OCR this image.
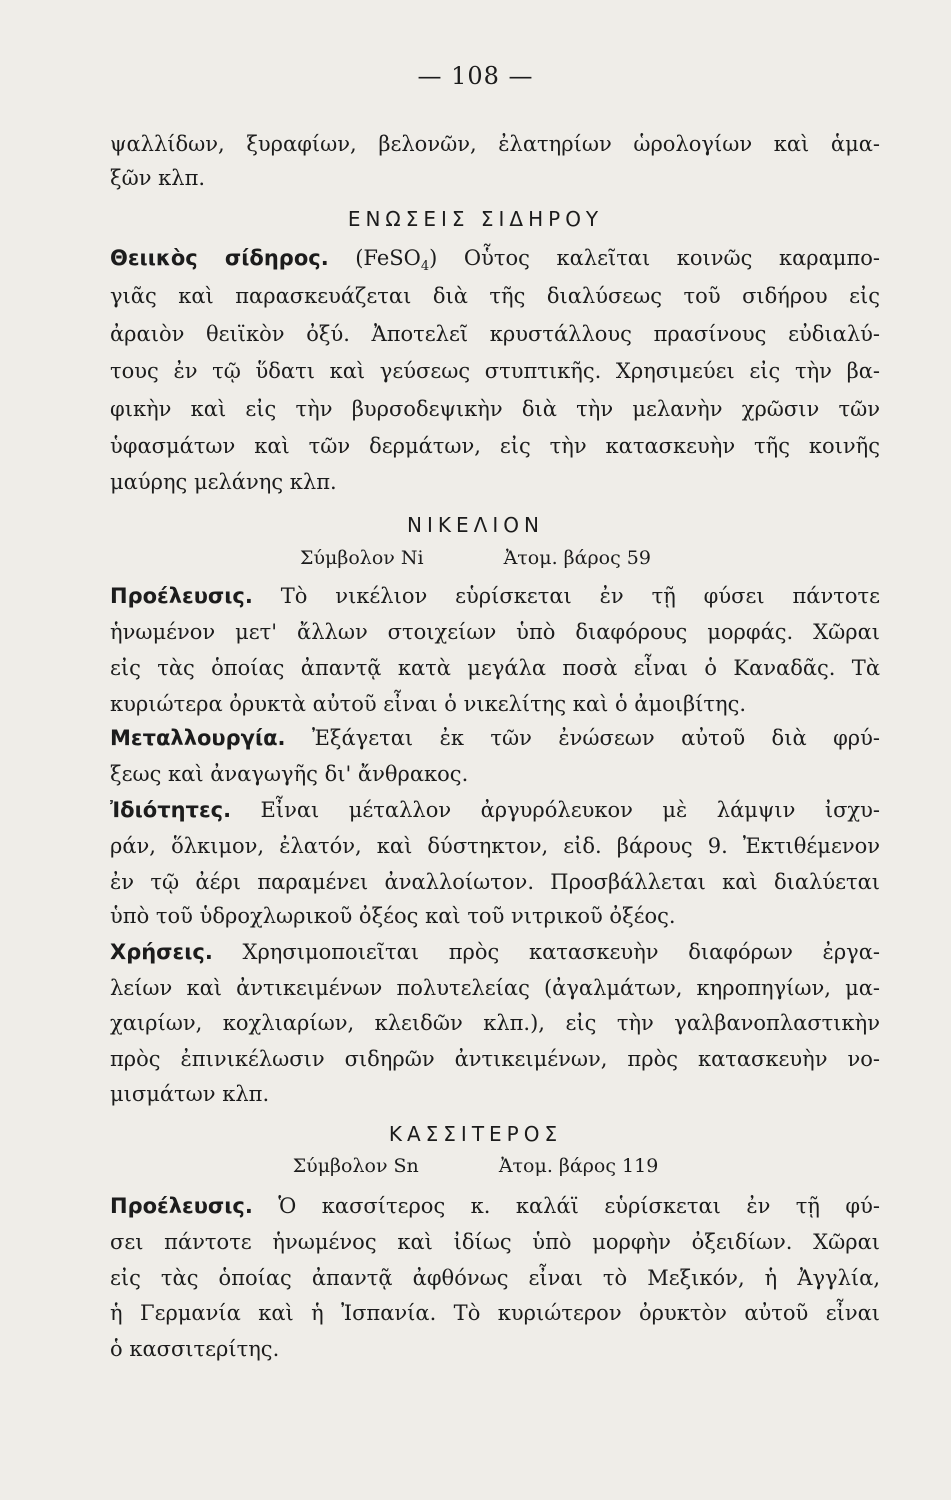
— 108 —
ψαλλίδων, ξυραφίων, βελονῶν, ἐλατηρίων ὡρολογίων καὶ ἁμα-
ξῶν κλπ.
ΕΝΩΣΕΙΣ ΣΙΔΗΡΟΥ
Θειικὸς σίδηρος. (FeSO$_4$) Οὗτος καλεῖται κοινῶς καραμπο-
γιᾶς καὶ παρασκευάζεται διὰ τῆς διαλύσεως τοῦ σιδήρου εἰς
ἀραιὸν θειϊκὸν ὀξύ. Ἀποτελεῖ κρυστάλλους πρασίνους εὐδιαλύ-
τους ἐν τῷ ὕδατι καὶ γεύσεως στυπτικῆς. Χρησιμεύει εἰς τὴν βα-
φικὴν καὶ εἰς τὴν βυρσοδεψικὴν διὰ τὴν μελανὴν χρῶσιν τῶν
ὑφασμάτων καὶ τῶν δερμάτων, εἰς τὴν κατασκευὴν τῆς κοινῆς
μαύρης μελάνης κλπ.
ΝΙΚΕΛΙΟΝ
Σύμβολον Ni	Ἀτομ. βάρος 59
Προέλευσις. Τὸ νικέλιον εὑρίσκεται ἐν τῇ φύσει πάντοτε
ἡνωμένον μετ' ἄλλων στοιχείων ὑπὸ διαφόρους μορφάς. Χῶραι
εἰς τὰς ὁποίας ἀπαντᾷ κατὰ μεγάλα ποσὰ εἶναι ὁ Καναδᾶς. Τὰ
κυριώτερα ὀρυκτὰ αὐτοῦ εἶναι ὁ νικελίτης καὶ ὁ ἀμοιβίτης.
Μεταλλουργία. Ἐξάγεται ἐκ τῶν ἐνώσεων αὐτοῦ διὰ φρύ-
ξεως καὶ ἀναγωγῆς δι' ἄνθρακος.
Ἰδιότητες. Εἶναι μέταλλον ἀργυρόλευκον μὲ λάμψιν ἰσχυ-
ράν, ὅλκιμον, ἐλατόν, καὶ δύστηκτον, εἰδ. βάρους 9. Ἐκτιθέμενον
ἐν τῷ ἀέρι παραμένει ἀναλλοίωτον. Προσβάλλεται καὶ διαλύεται
ὑπὸ τοῦ ὑδροχλωρικοῦ ὀξέος καὶ τοῦ νιτρικοῦ ὀξέος.
Χρήσεις. Χρησιμοποιεῖται πρὸς κατασκευὴν διαφόρων ἐργα-
λείων καὶ ἀντικειμένων πολυτελείας (ἀγαλμάτων, κηροπηγίων, μα-
χαιρίων, κοχλιαρίων, κλειδῶν κλπ.), εἰς τὴν γαλβανοπλαστικὴν
πρὸς ἐπινικέλωσιν σιδηρῶν ἀντικειμένων, πρὸς κατασκευὴν νο-
μισμάτων κλπ.
ΚΑΣΣΙΤΕΡΟΣ
Σύμβολον Sn	Ἀτομ. βάρος 119
Προέλευσις. Ὁ κασσίτερος κ. καλάϊ εὑρίσκεται ἐν τῇ φύ-
σει πάντοτε ἡνωμένος καὶ ἰδίως ὑπὸ μορφὴν ὀξειδίων. Χῶραι
εἰς τὰς ὁποίας ἀπαντᾷ ἀφθόνως εἶναι τὸ Μεξικόν, ἡ Ἀγγλία,
ἡ Γερμανία καὶ ἡ Ἰσπανία. Τὸ κυριώτερον ὀρυκτὸν αὐτοῦ εἶναι
ὁ κασσιτερίτης.
